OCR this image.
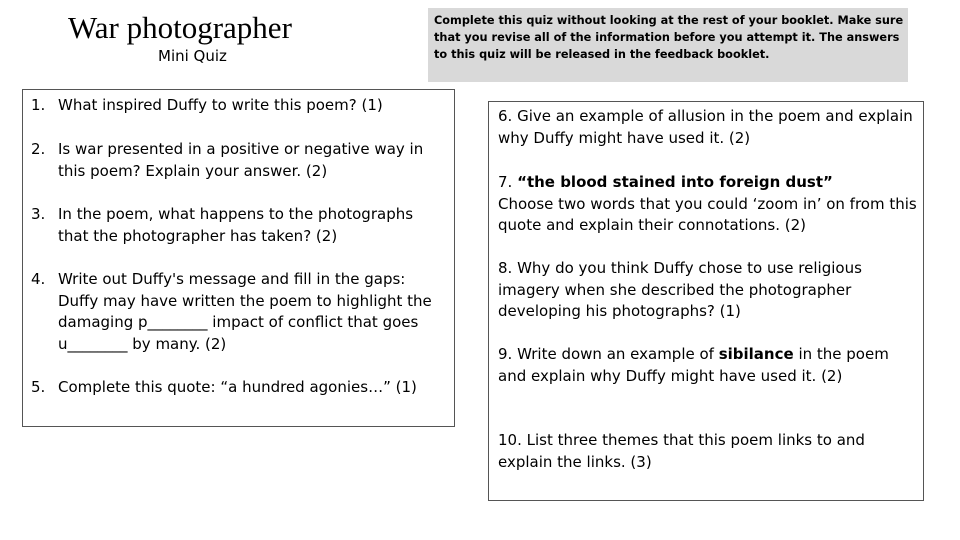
War photographer
Mini Quiz
Complete this quiz without looking at the rest of your booklet. Make sure that you revise all of the information before you attempt it. The answers to this quiz will be released in the feedback booklet.
1. What inspired Duffy to write this poem? (1)
2. Is war presented in a positive or negative way in this poem? Explain your answer. (2)
3. In the poem, what happens to the photographs that the photographer has taken? (2)
4. Write out Duffy's message and fill in the gaps: Duffy may have written the poem to highlight the damaging p________ impact of conflict that goes u________ by many. (2)
5. Complete this quote: “a hundred agonies…” (1)
6. Give an example of allusion in the poem and explain why Duffy might have used it. (2)
7. “the blood stained into foreign dust”
Choose two words that you could ‘zoom in’ on from this quote and explain their connotations. (2)
8. Why do you think Duffy chose to use religious imagery when she described the photographer developing his photographs? (1)
9. Write down an example of sibilance in the poem and explain why Duffy might have used it. (2)
10. List three themes that this poem links to and explain the links. (3)
